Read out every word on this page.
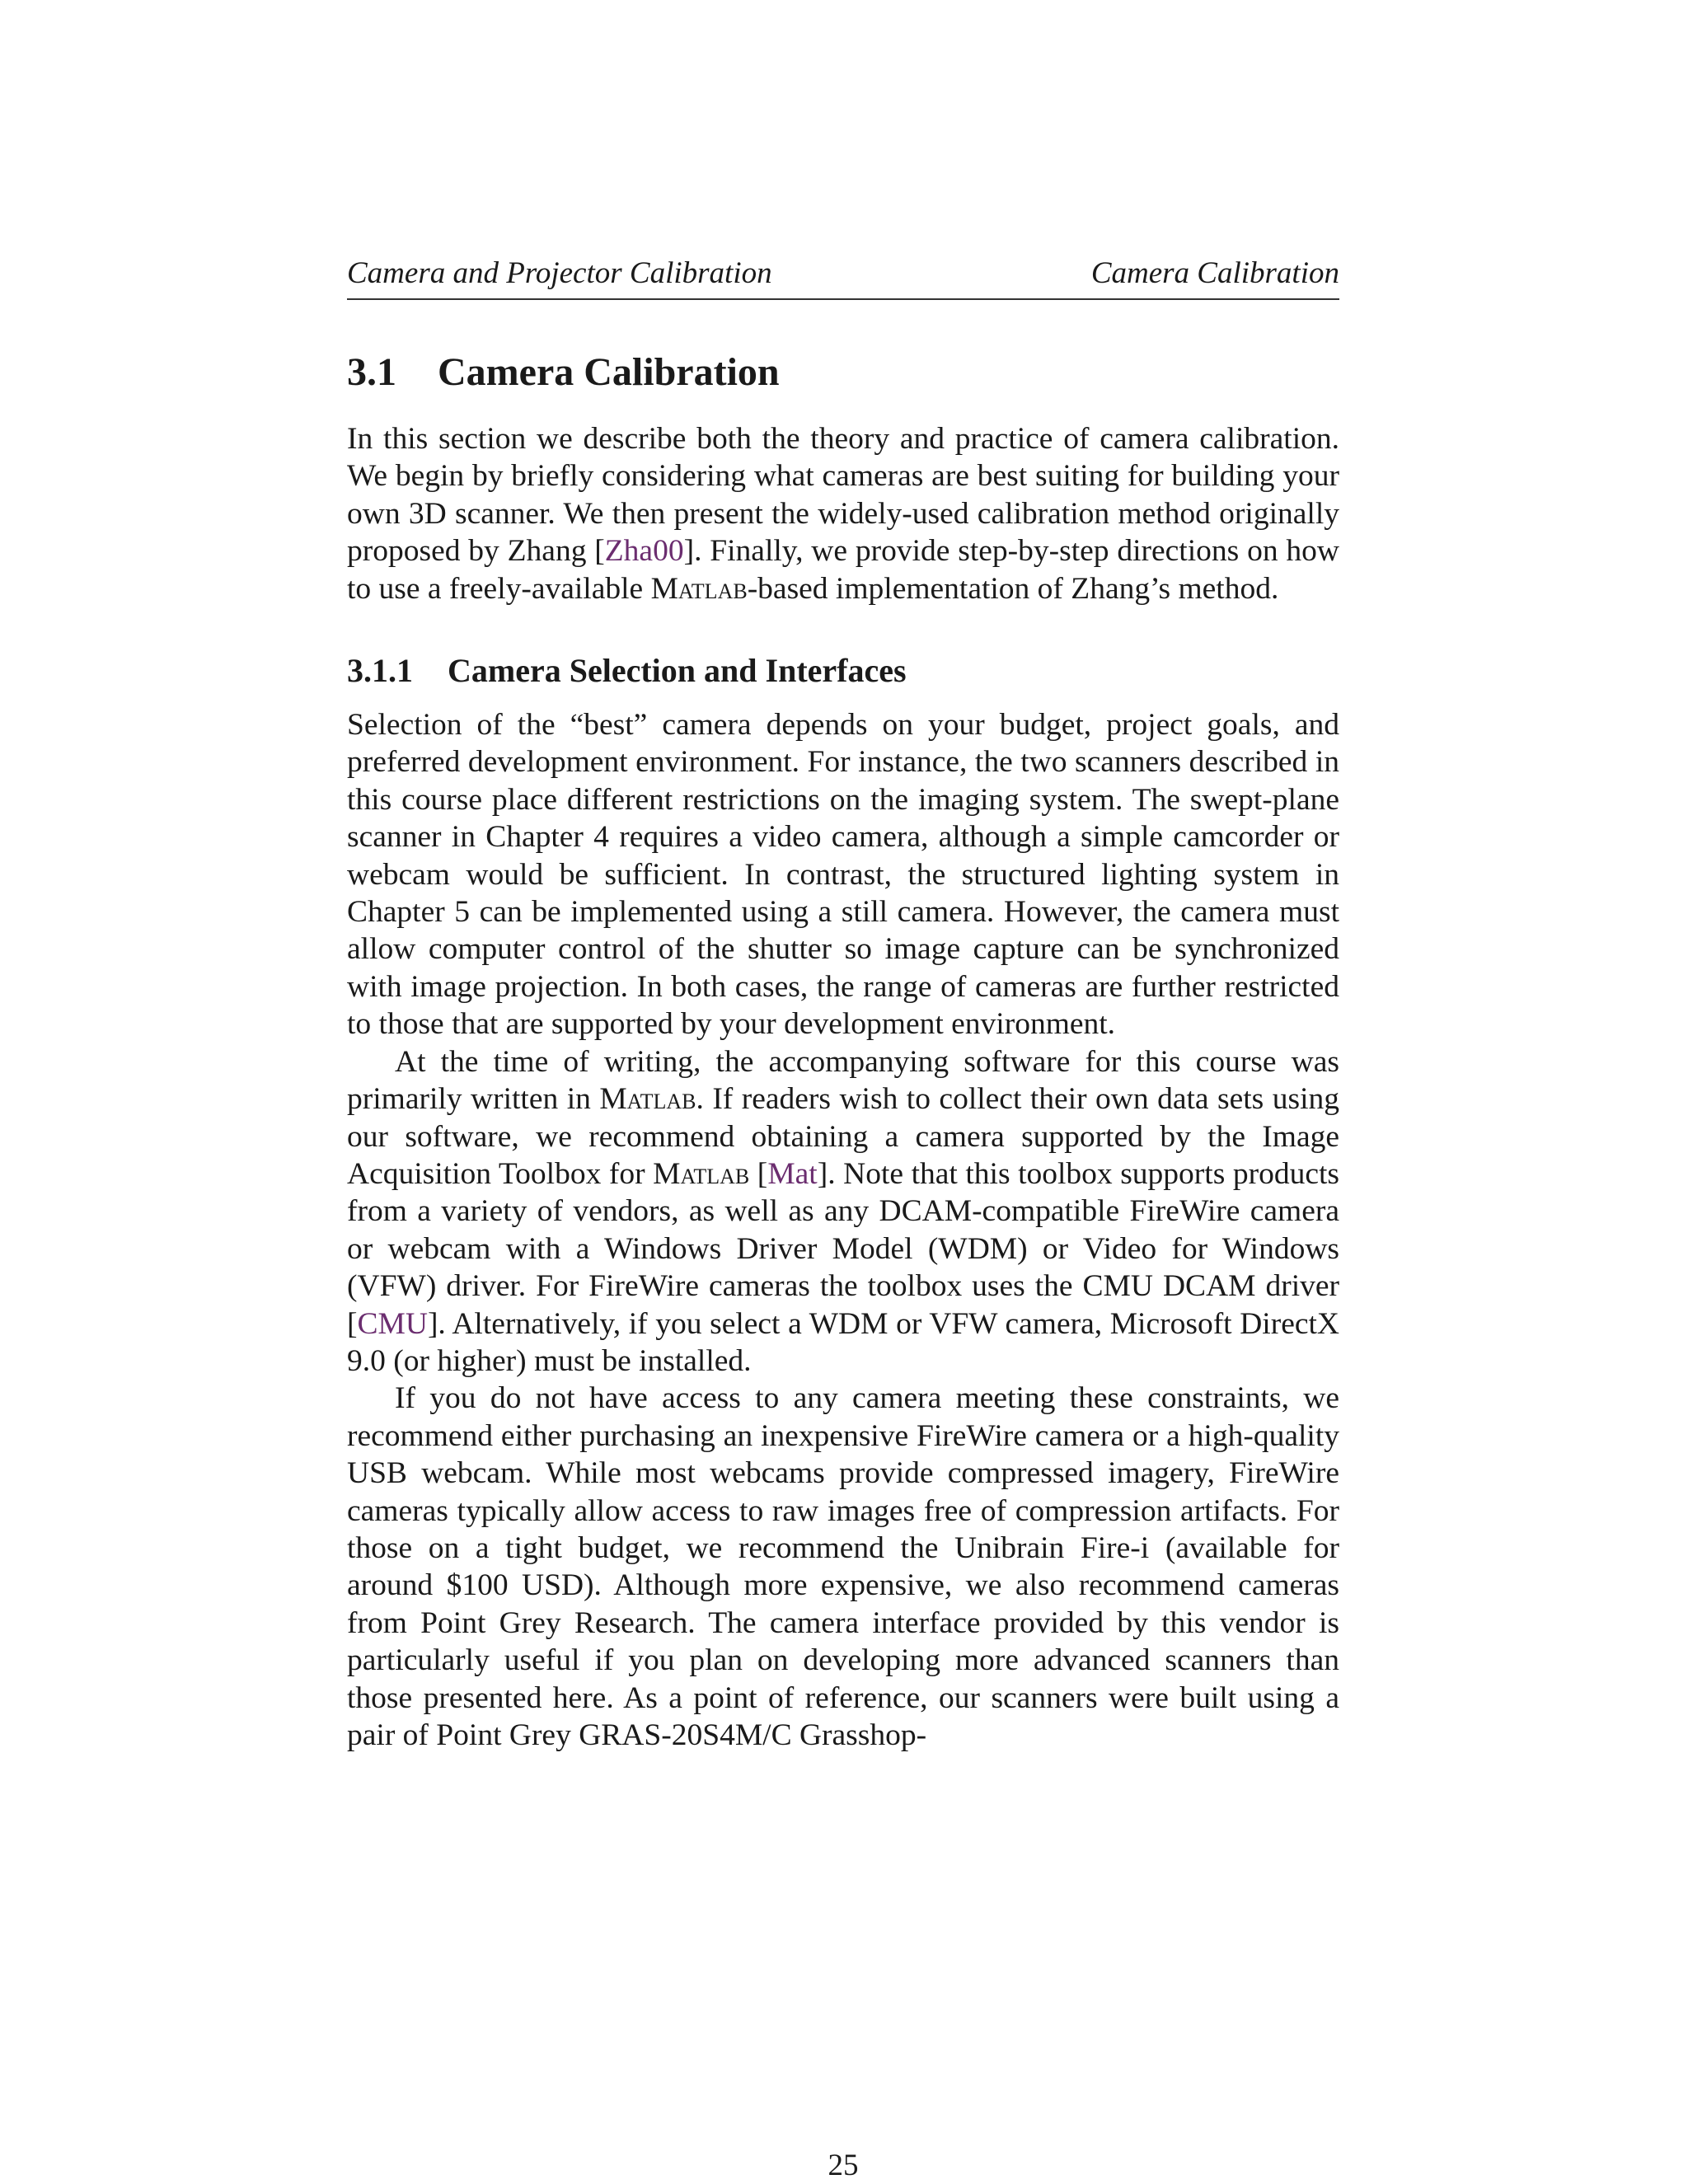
Camera and Projector Calibration	Camera Calibration
3.1	Camera Calibration

In this section we describe both the theory and practice of camera calibration. We begin by briefly considering what cameras are best suiting for building your own 3D scanner. We then present the widely-used calibration method originally proposed by Zhang [Zha00]. Finally, we provide step-by-step directions on how to use a freely-available Matlab-based implementation of Zhang’s method.

3.1.1	Camera Selection and Interfaces

Selection of the “best” camera depends on your budget, project goals, and preferred development environment. For instance, the two scanners described in this course place different restrictions on the imaging system. The swept-plane scanner in Chapter 4 requires a video camera, although a simple camcorder or webcam would be sufficient. In contrast, the structured lighting system in Chapter 5 can be implemented using a still camera. However, the camera must allow computer control of the shutter so image capture can be synchronized with image projection. In both cases, the range of cameras are further restricted to those that are supported by your development environment.

At the time of writing, the accompanying software for this course was primarily written in Matlab. If readers wish to collect their own data sets using our software, we recommend obtaining a camera supported by the Image Acquisition Toolbox for Matlab [Mat]. Note that this toolbox supports products from a variety of vendors, as well as any DCAM-compatible FireWire camera or webcam with a Windows Driver Model (WDM) or Video for Windows (VFW) driver. For FireWire cameras the toolbox uses the CMU DCAM driver [CMU]. Alternatively, if you select a WDM or VFW camera, Microsoft DirectX 9.0 (or higher) must be installed.

If you do not have access to any camera meeting these constraints, we recommend either purchasing an inexpensive FireWire camera or a high-quality USB webcam. While most webcams provide compressed imagery, FireWire cameras typically allow access to raw images free of compression artifacts. For those on a tight budget, we recommend the Unibrain Fire-i (available for around $100 USD). Although more expensive, we also recommend cameras from Point Grey Research. The camera interface provided by this vendor is particularly useful if you plan on developing more advanced scanners than those presented here. As a point of reference, our scanners were built using a pair of Point Grey GRAS-20S4M/C Grasshop-

25
